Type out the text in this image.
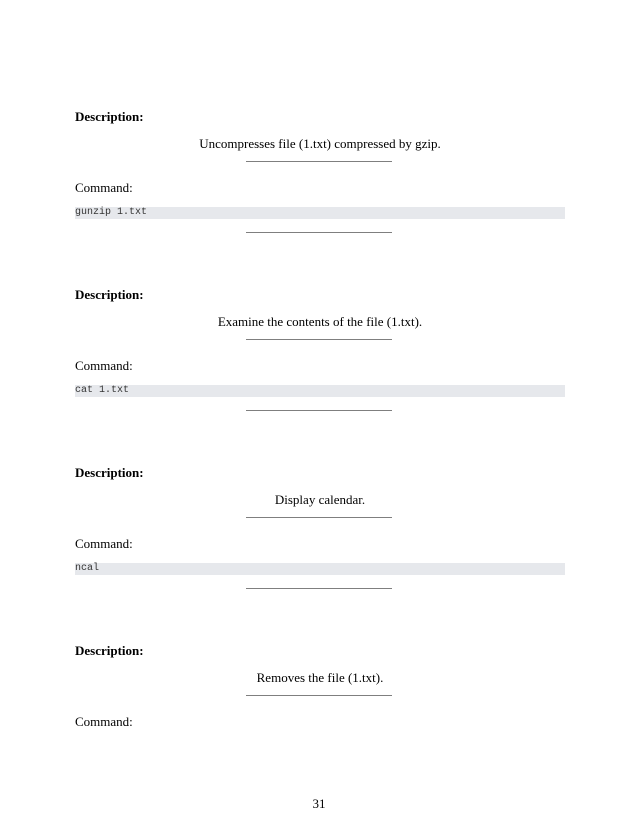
Description:
Uncompresses file (1.txt) compressed by gzip.
Command:
gunzip 1.txt
Description:
Examine the contents of the file (1.txt).
Command:
cat 1.txt
Description:
Display calendar.
Command:
ncal
Description:
Removes the file (1.txt).
Command:
31
